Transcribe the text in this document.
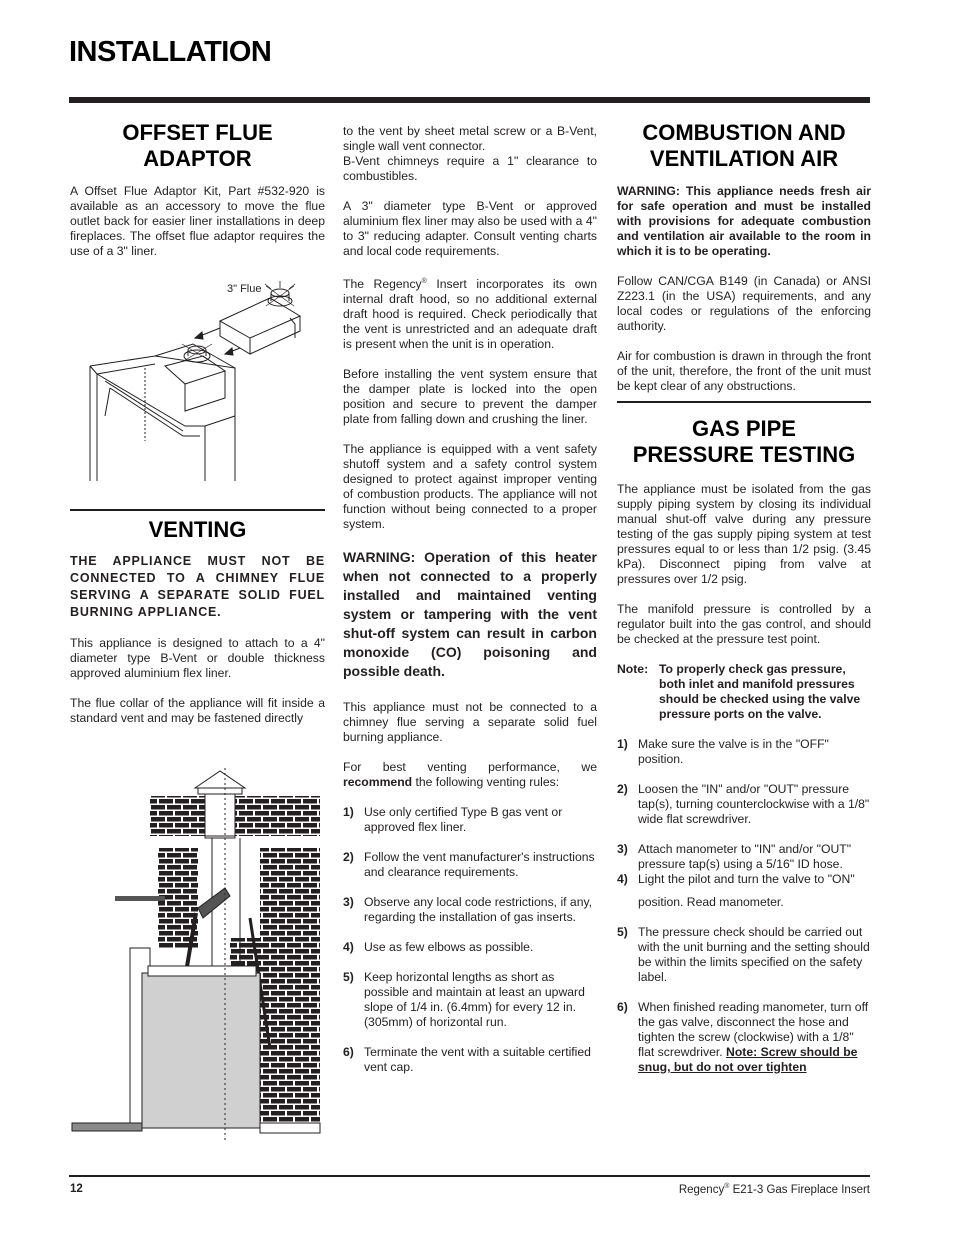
INSTALLATION
OFFSET FLUE
ADAPTOR

A Offset Flue Adaptor Kit, Part #532-920 is available as an accessory to move the flue outlet back for easier liner installations in deep fireplaces. The offset flue adaptor requires the use of a 3" liner.

3" Flue
VENTING

THE APPLIANCE MUST NOT BE CONNECTED TO A CHIMNEY FLUE SERVING A SEPARATE SOLID FUEL BURNING APPLIANCE.

This appliance is designed to attach to a 4" diameter type B-Vent or double thickness approved aluminium flex liner.

The flue collar of the appliance will fit inside a standard vent and may be fastened directly

to the vent by sheet metal screw or a B-Vent, single wall vent connector.

B-Vent chimneys require a 1" clearance to combustibles.

A 3" diameter type B-Vent or approved aluminium flex liner may also be used with a 4" to 3" reducing adapter. Consult venting charts and local code requirements.

The Regency® Insert incorporates its own internal draft hood, so no additional external draft hood is required. Check periodically that the vent is unrestricted and an adequate draft is present when the unit is in operation.

Before installing the vent system ensure that the damper plate is locked into the open position and secure to prevent the damper plate from falling down and crushing the liner.

The appliance is equipped with a vent safety shutoff system and a safety control system designed to protect against improper venting of combustion products. The appliance will not function without being connected to a proper system.

WARNING: Operation of this heater when not connected to a properly installed and maintained venting system or tampering with the vent shut-off system can result in carbon monoxide (CO) poisoning and possible death.

This appliance must not be connected to a chimney flue serving a separate solid fuel burning appliance.

For best venting performance, we recommend the following venting rules:

1) Use only certified Type B gas vent or approved flex liner.
2) Follow the vent manufacturer's instructions and clearance requirements.
3) Observe any local code restrictions, if any, regarding the installation of gas inserts.
4) Use as few elbows as possible.
5) Keep horizontal lengths as short as possible and maintain at least an upward slope of 1/4 in. (6.4mm) for every 12 in. (305mm) of horizontal run.
6) Terminate the vent with a suitable certified vent cap.
COMBUSTION AND
VENTILATION AIR

WARNING: This appliance needs fresh air for safe operation and must be installed with provisions for adequate combustion and ventilation air available to the room in which it is to be operating.

Follow CAN/CGA B149 (in Canada) or ANSI Z223.1 (in the USA) requirements, and any local codes or regulations of the enforcing authority.

Air for combustion is drawn in through the front of the unit, therefore, the front of the unit must be kept clear of any obstructions.

GAS PIPE
PRESSURE TESTING

The appliance must be isolated from the gas supply piping system by closing its individual manual shut-off valve during any pressure testing of the gas supply piping system at test pressures equal to or less than 1/2 psig. (3.45 kPa). Disconnect piping from valve at pressures over 1/2 psig.

The manifold pressure is controlled by a regulator built into the gas control, and should be checked at the pressure test point.

Note: To properly check gas pressure, both inlet and manifold pressures should be checked using the valve pressure ports on the valve.
1) Make sure the valve is in the "OFF" position.
2) Loosen the "IN" and/or "OUT" pressure tap(s), turning counterclockwise with a 1/8" wide flat screwdriver.
3) Attach manometer to "IN" and/or "OUT" pressure tap(s) using a 5/16" ID hose.
4) Light the pilot and turn the valve to "ON"
position. Read manometer.
5) The pressure check should be carried out with the unit burning and the setting should be within the limits specified on the safety label.
6) When finished reading manometer, turn off the gas valve, disconnect the hose and tighten the screw (clockwise) with a 1/8" flat screwdriver. Note: Screw should be snug, but do not over tighten
12	Regency® E21-3 Gas Fireplace Insert
